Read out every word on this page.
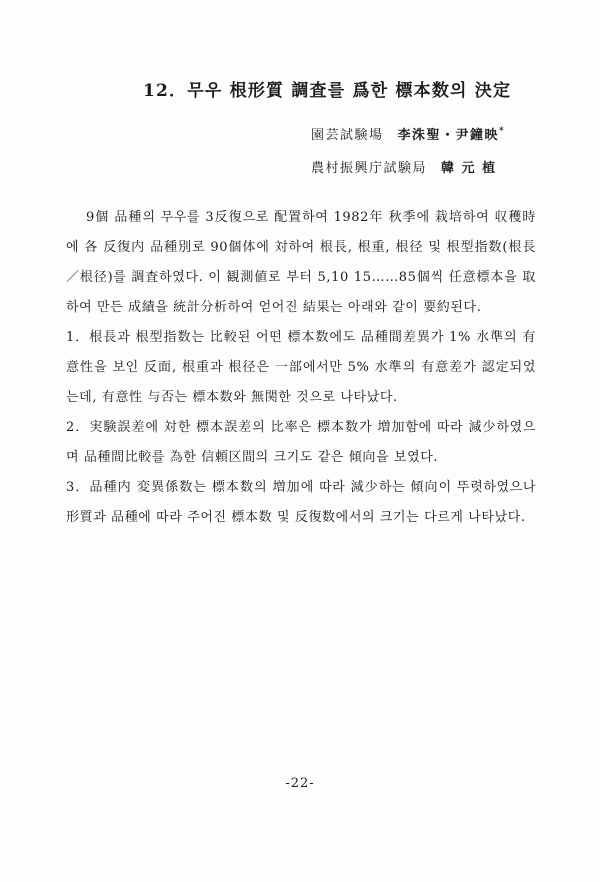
12．무우 根形質 調査를 爲한 標本数의 決定
園芸試験場 李洙聖・尹鐘映*
農村振興庁試験局 韓 元 植

9個 品種의 무우를 3反復으로 配置하여 1982年 秋季에 栽培하여 収穫時에 各 反復内 品種別로 90個体에 対하여 根長, 根重, 根径 및 根型指数(根長／根径)를 調査하였다. 이 観測値로 부터 5,10 15……85個씩 任意標本을 取하여 만든 成績을 統計分析하여 얻어진 結果는 아래와 같이 要約된다.

1．根長과 根型指数는 比較된 어떤 標本数에도 品種間差異가 1% 水準의 有意性을 보인 反面, 根重과 根径은 一部에서만 5% 水準의 有意差가 認定되었는데, 有意性 与否는 標本数와 無関한 것으로 나타났다.

2．実験誤差에 対한 標本誤差의 比率은 標本数가 増加함에 따라 減少하였으며 品種間比較를 為한 信頼区間의 크기도 같은 傾向을 보였다.

3．品種内 変異係数는 標本数의 増加에 따라 減少하는 傾向이 뚜렷하였으나 形質과 品種에 따라 주어진 標本数 및 反復数에서의 크기는 다르게 나타났다.

-22-
